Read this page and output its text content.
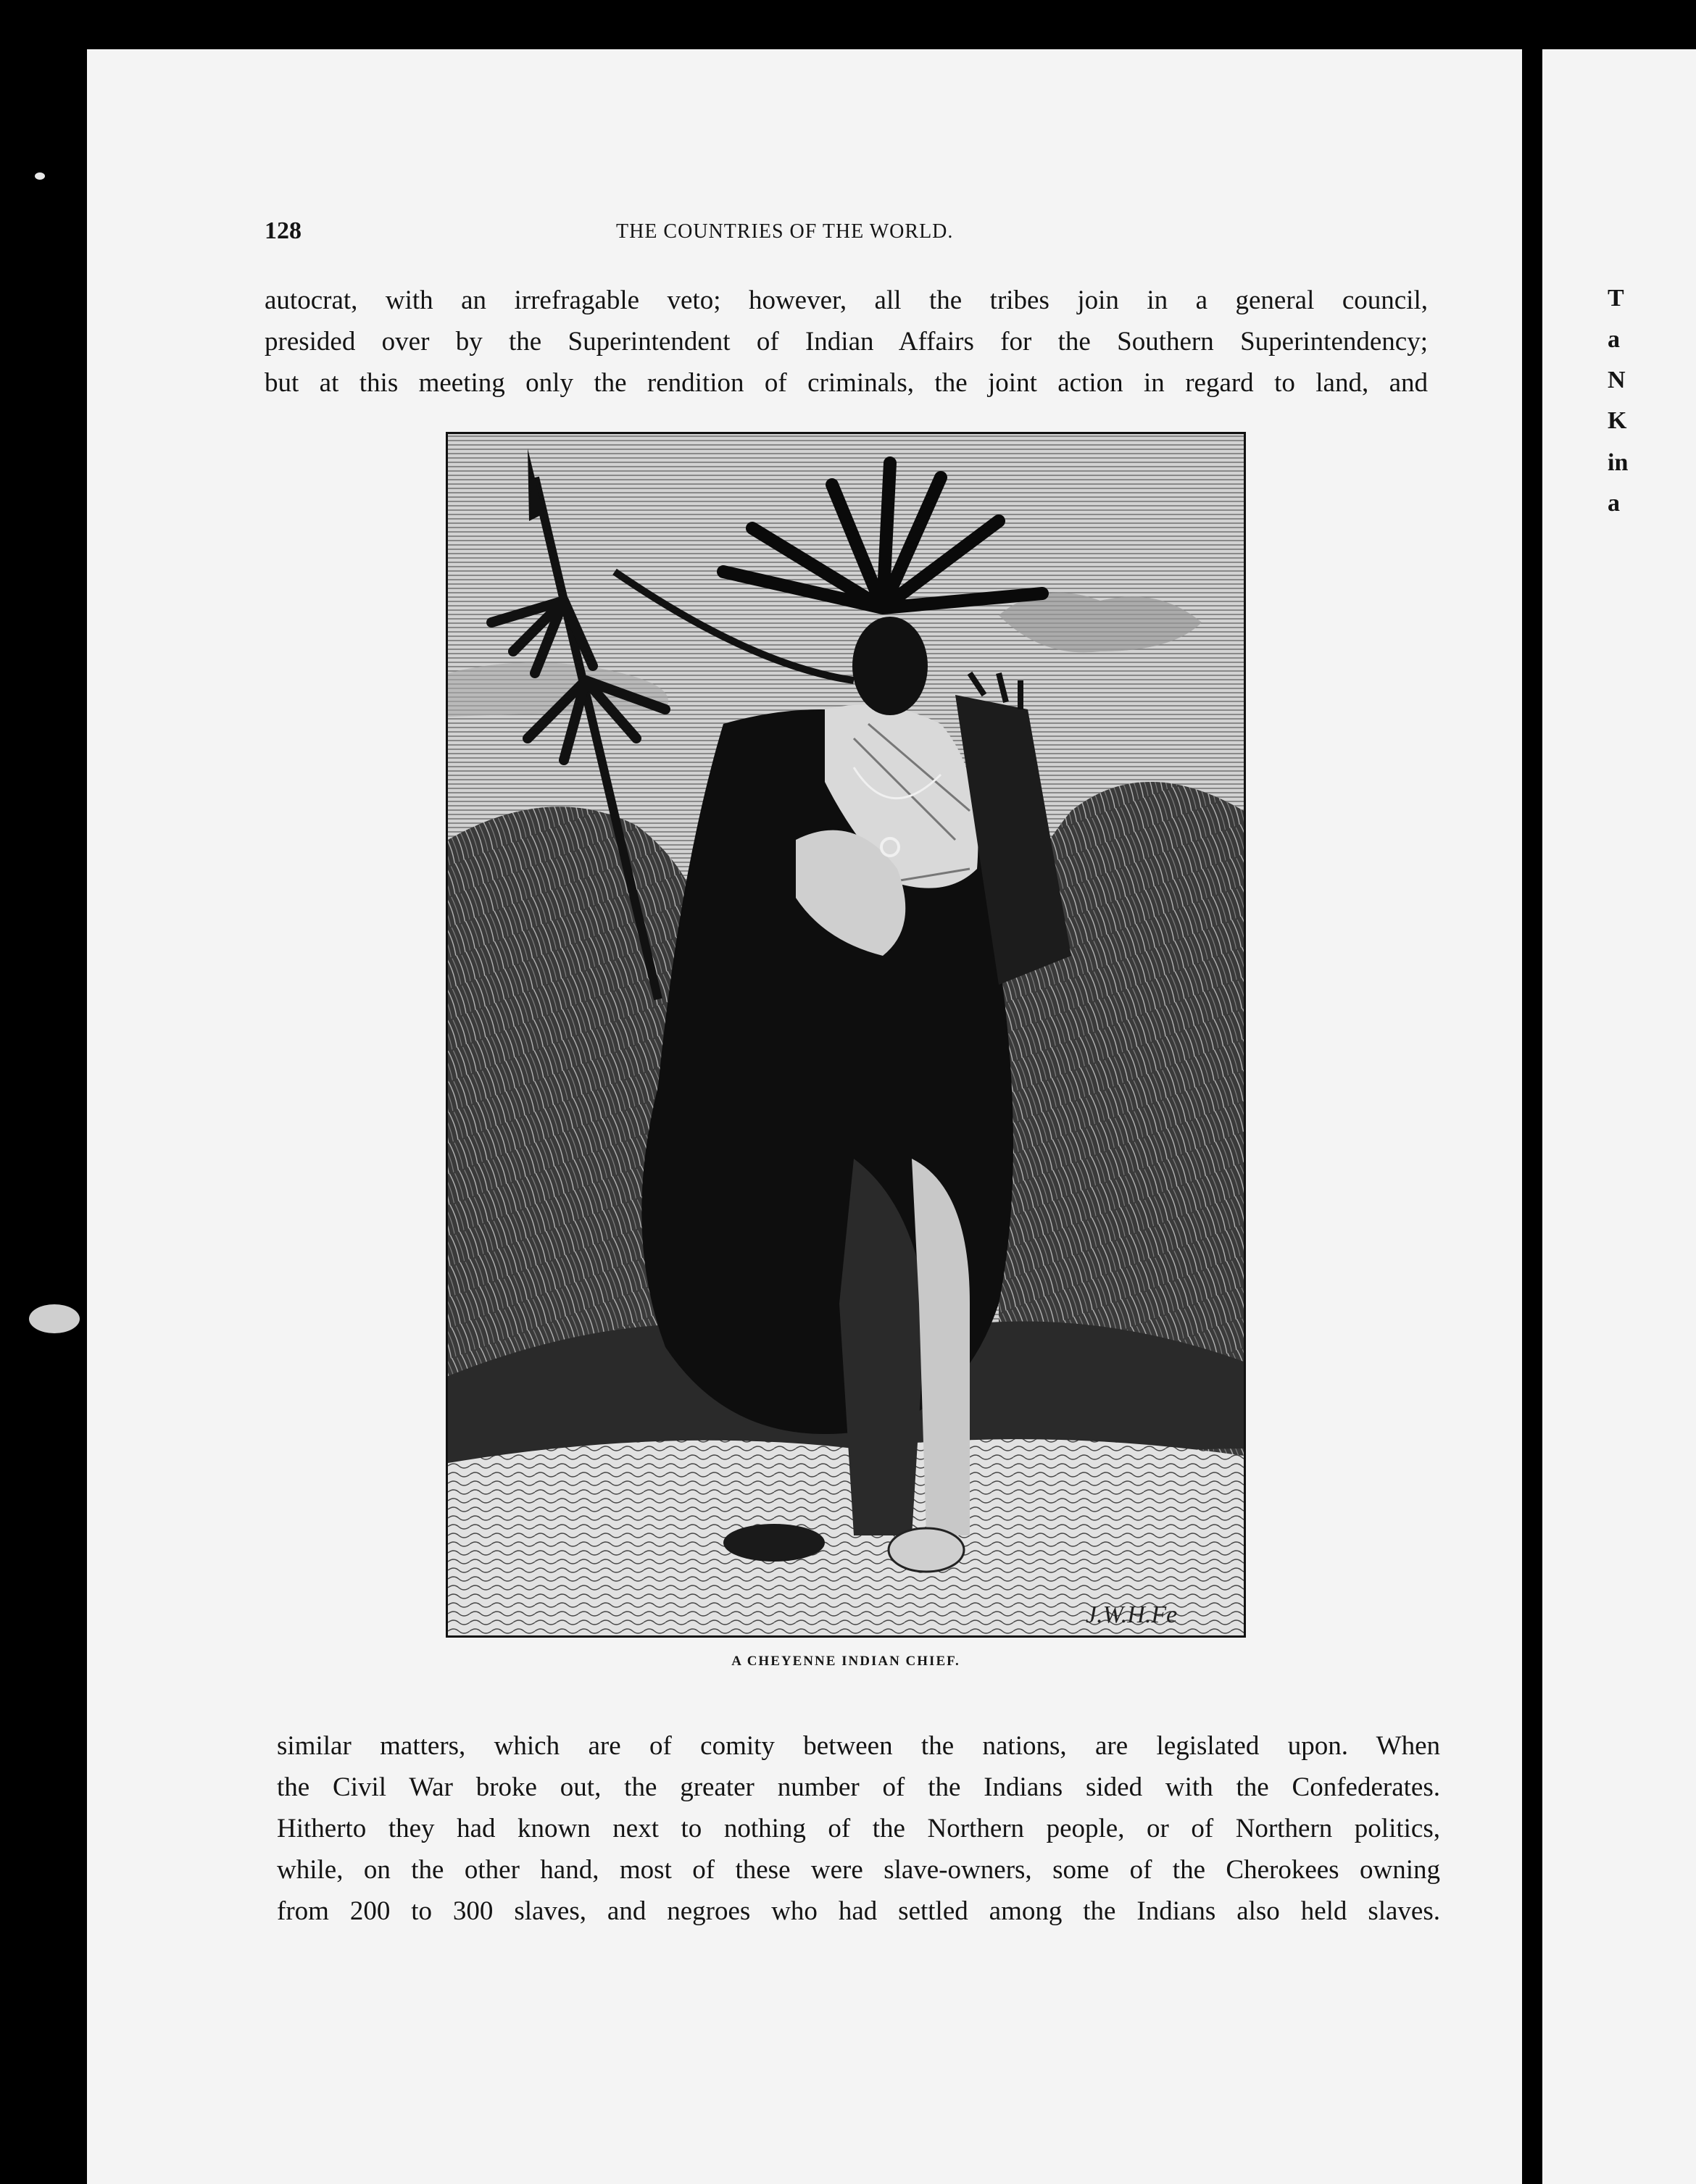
128	THE COUNTRIES OF THE WORLD.
autocrat, with an irrefragable veto; however, all the tribes join in a general council,
presided over by the Superintendent of Indian Affairs for the Southern Superintendency;
but at this meeting only the rendition of criminals, the joint action in regard to land, and
J.W.H.Fe
A CHEYENNE INDIAN CHIEF.
similar matters, which are of comity between the nations, are legislated upon. When
the Civil War broke out, the greater number of the Indians sided with the Confederates.
Hitherto they had known next to nothing of the Northern people, or of Northern politics,
while, on the other hand, most of these were slave-owners, some of the Cherokees owning
from 200 to 300 slaves, and negroes who had settled among the Indians also held slaves.
T
a
N
K
in
a
